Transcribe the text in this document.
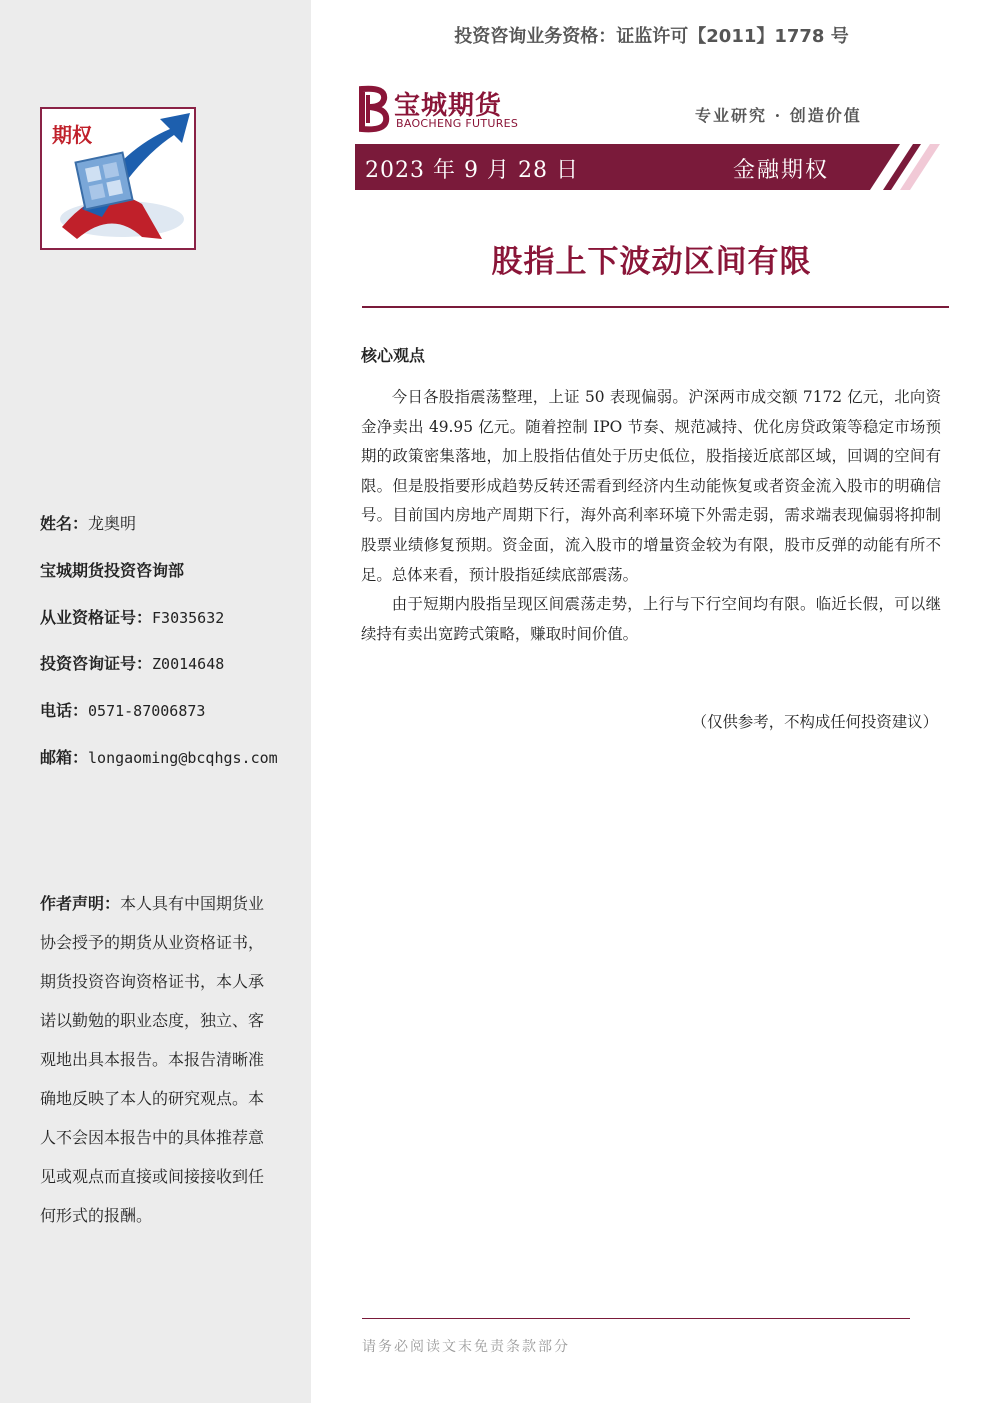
期权
姓名：龙奥明
宝城期货投资咨询部
从业资格证号：F3035632
投资咨询证号：Z0014648
电话：0571-87006873
邮箱：longaoming@bcqhgs.com
作者声明：本人具有中国期货业协会授予的期货从业资格证书，期货投资咨询资格证书，本人承诺以勤勉的职业态度，独立、客观地出具本报告。本报告清晰准确地反映了本人的研究观点。本人不会因本报告中的具体推荐意见或观点而直接或间接接收到任何形式的报酬。
投资咨询业务资格：证监许可【2011】1778 号
宝城期货
BAOCHENG FUTURES	专业研究 · 创造价值
2023 年 9 月 28 日	金融期权
股指上下波动区间有限
核心观点

今日各股指震荡整理，上证 50 表现偏弱。沪深两市成交额 7172 亿元，北向资金净卖出 49.95 亿元。随着控制 IPO 节奏、规范减持、优化房贷政策等稳定市场预期的政策密集落地，加上股指估值处于历史低位，股指接近底部区域，回调的空间有限。但是股指要形成趋势反转还需看到经济内生动能恢复或者资金流入股市的明确信号。目前国内房地产周期下行，海外高利率环境下外需走弱，需求端表现偏弱将抑制股票业绩修复预期。资金面，流入股市的增量资金较为有限，股市反弹的动能有所不足。总体来看，预计股指延续底部震荡。

由于短期内股指呈现区间震荡走势，上行与下行空间均有限。临近长假，可以继续持有卖出宽跨式策略，赚取时间价值。

（仅供参考，不构成任何投资建议）
请务必阅读文末免责条款部分
